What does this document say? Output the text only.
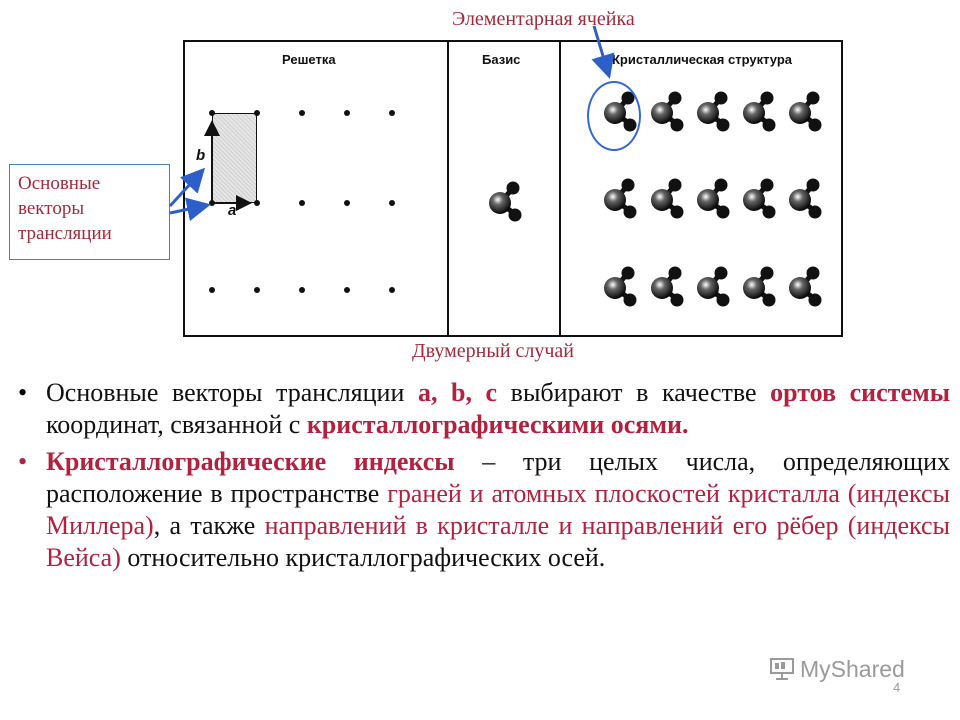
Элементарная ячейка
Двумерный случай
Основные
векторы
трансляции
Решетка	Базис	Кристаллическая структура
a
b
• Основные векторы трансляции a, b, c выбирают в качестве ортов системы координат, связанной с кристаллографическими осями.

• Кристаллографические индексы – три целых числа, определяющих расположение в пространстве граней и атомных плоскостей кристалла (индексы Миллера), а также направлений в кристалле и направлений его рёбер (индексы Вейса) относительно кристаллографических осей.

MyShared
4
